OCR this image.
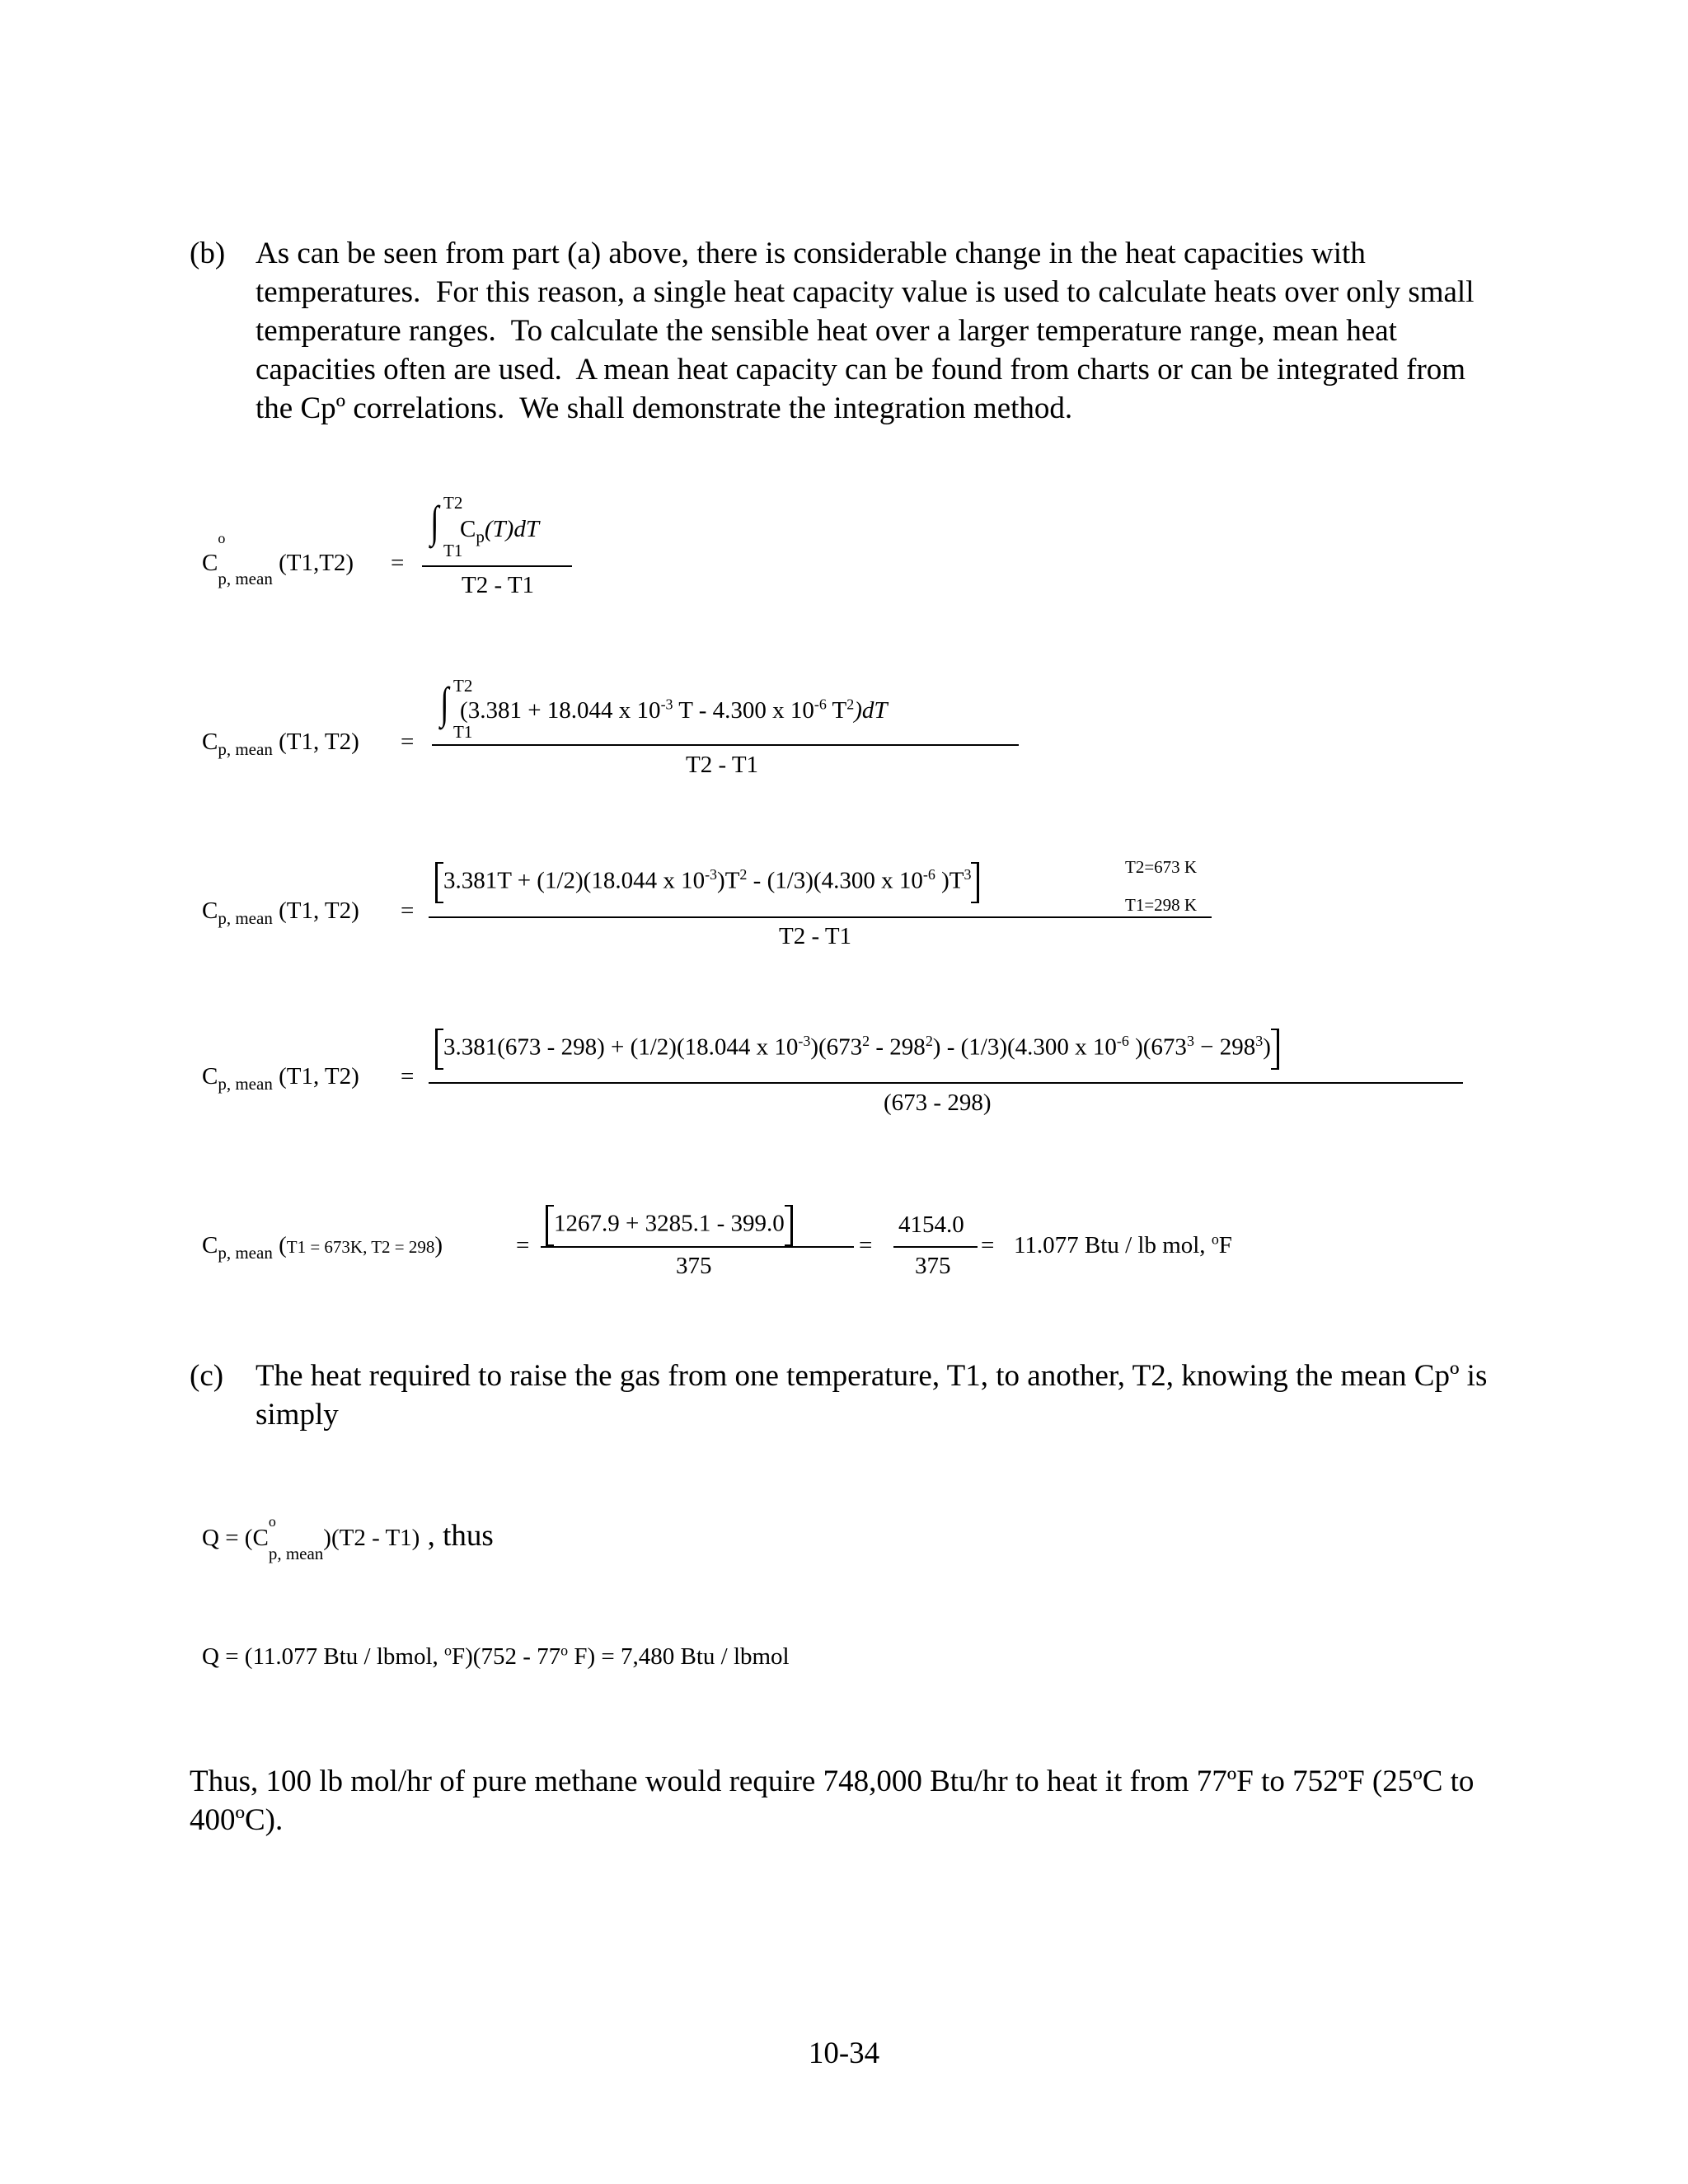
(b) As can be seen from part (a) above, there is considerable change in the heat capacities with temperatures.  For this reason, a single heat capacity value is used to calculate heats over only small temperature ranges.  To calculate the sensible heat over a larger temperature range, mean heat capacities often are used.  A mean heat capacity can be found from charts or can be integrated from the Cpº correlations.  We shall demonstrate the integration method.
C
o
$_{p, mean}$ (T1,T2) =
∫ T2
T1
$C_p(T)dT$
T2 - T1
$C_{p, mean}$ (T1, T2) =
∫ T2
T1
(3.381 + 18.044 x $10^{-3}$ T - 4.300 x $10^{-6}$ $T^2)dT$
T2 - T1
$C_{p, mean}$ (T1, T2) =
3.381T + (1/2)(18.044 x $10^{-3})T^2 - (1/3)(4.300$ x $10^{-6}$ )$T^3$	T2=673 K
T1=298 K
T2 - T1
$C_{p, mean}$ (T1, T2) =
3.381(673 - 298) + (1/2)(18.044 x $10^{-3})(673^2 - 298^2) - (1/3)(4.300$ x $10^{-6}$ )$(673^3 - 298^3)$
(673 - 298)
$C_{p, mean}$ (T1 = 673K, T2 = 298)	=
1267.9 + 3285.1 - 399.0
375
=
4154.0
375
= 11.077 Btu / lb mol, $^o$F
(c) The heat required to raise the gas from one temperature, T1, to another, T2, knowing the mean Cpº is simply
Q = (C
o
$_{p, mean}$)(T2 - T1) , thus
Q = (11.077 Btu / lbmol, $^o$F)(752 - 77$^o$ F) = 7,480 Btu / lbmol
Thus, 100 lb mol/hr of pure methane would require 748,000 Btu/hr to heat it from 77ºF to 752ºF (25ºC to 400ºC).
10-34
